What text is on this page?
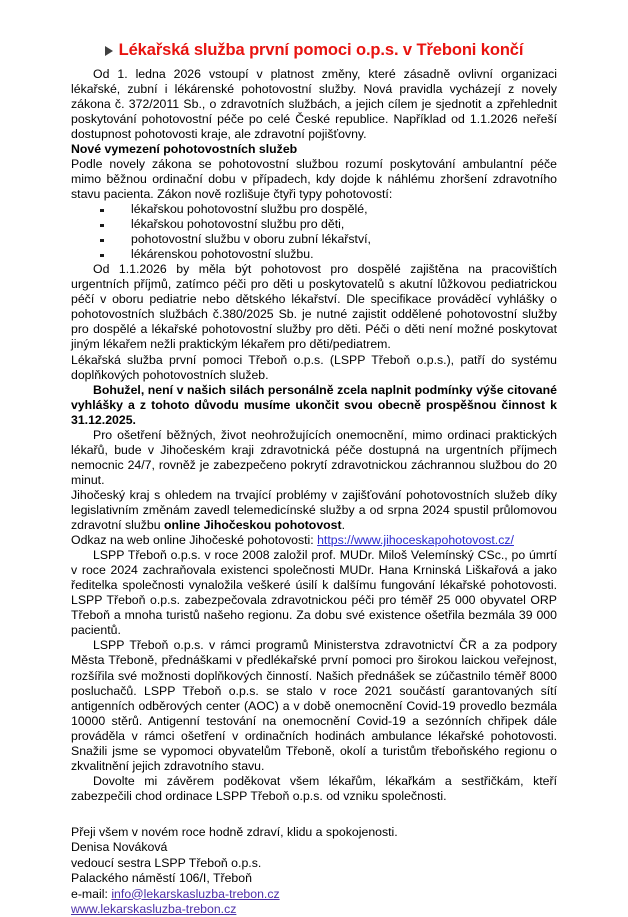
Lékařská služba první pomoci o.p.s. v Třeboni končí

Od 1. ledna 2026 vstoupí v platnost změny, které zásadně ovlivní organizaci lékařské, zubní i lékárenské pohotovostní služby. Nová pravidla vycházejí z novely zákona č. 372/2011 Sb., o zdravotních službách, a jejich cílem je sjednotit a zpřehlednit poskytování pohotovostní péče po celé České republice. Například od 1.1.2026 neřeší dostupnost pohotovosti kraje, ale zdravotní pojišťovny.

Nové vymezení pohotovostních služeb

Podle novely zákona se pohotovostní službou rozumí poskytování ambulantní péče mimo běžnou ordinační dobu v případech, kdy dojde k náhlému zhoršení zdravotního stavu pacienta. Zákon nově rozlišuje čtyři typy pohotovostí:

lékařskou pohotovostní službu pro dospělé,
lékařskou pohotovostní službu pro děti,
pohotovostní službu v oboru zubní lékařství,
lékárenskou pohotovostní službu.

Od 1.1.2026 by měla být pohotovost pro dospělé zajištěna na pracovištích urgentních příjmů, zatímco péči pro děti u poskytovatelů s akutní lůžkovou pediatrickou péčí v oboru pediatrie nebo dětského lékařství. Dle specifikace prováděcí vyhlášky o pohotovostních službách č.380/2025 Sb. je nutné zajistit oddělené pohotovostní služby pro dospělé a lékařské pohotovostní služby pro děti. Péči o děti není možné poskytovat jiným lékařem nežli praktickým lékařem pro děti/pediatrem.

Lékařská služba první pomoci Třeboň o.p.s. (LSPP Třeboň o.p.s.), patří do systému doplňkových pohotovostních služeb.

Bohužel, není v našich silách personálně zcela naplnit podmínky výše citované vyhlášky a z tohoto důvodu musíme ukončit svou obecně prospěšnou činnost k 31.12.2025.

Pro ošetření běžných, život neohrožujících onemocnění, mimo ordinaci praktických lékařů, bude v Jihočeském kraji zdravotnická péče dostupná na urgentních příjmech nemocnic 24/7, rovněž je zabezpečeno pokrytí zdravotnickou záchrannou službou do 20 minut.

Jihočeský kraj s ohledem na trvající problémy v zajišťování pohotovostních služeb díky legislativním změnám zavedl telemedicínské služby a od srpna 2024 spustil průlomovou zdravotní službu online Jihočeskou pohotovost.

Odkaz na web online Jihočeské pohotovosti: https://www.jihoceskapohotovost.cz/

LSPP Třeboň o.p.s. v roce 2008 založil prof. MUDr. Miloš Velemínský CSc., po úmrtí v roce 2024 zachraňovala existenci společnosti MUDr. Hana Krninská Liškařová a jako ředitelka společnosti vynaložila veškeré úsilí k dalšímu fungování lékařské pohotovosti. LSPP Třeboň o.p.s. zabezpečovala zdravotnickou péči pro téměř 25 000 obyvatel ORP Třeboň a mnoha turistů našeho regionu. Za dobu své existence ošetřila bezmála 39 000 pacientů.

LSPP Třeboň o.p.s. v rámci programů Ministerstva zdravotnictví ČR a za podpory Města Třeboně, přednáškami v předlékařské první pomoci pro širokou laickou veřejnost, rozšířila své možnosti doplňkových činností. Našich přednášek se zúčastnilo téměř 8000 posluchačů. LSPP Třeboň o.p.s. se stalo v roce 2021 součástí garantovaných sítí antigenních odběrových center (AOC) a v době onemocnění Covid-19 provedlo bezmála 10000 stěrů. Antigenní testování na onemocnění Covid-19 a sezónních chřipek dále prováděla v rámci ošetření v ordinačních hodinách ambulance lékařské pohotovosti. Snažili jsme se vypomoci obyvatelům Třeboně, okolí a turistům třeboňského regionu o zkvalitnění jejich zdravotního stavu.

Dovolte mi závěrem poděkovat všem lékařům, lékařkám a sestřičkám, kteří zabezpečili chod ordinace LSPP Třeboň o.p.s. od vzniku společnosti.

Přeji všem v novém roce hodně zdraví, klidu a spokojenosti.

Denisa Nováková

vedoucí sestra LSPP Třeboň o.p.s.

Palackého náměstí 106/I, Třeboň

e-mail: info@lekarskasluzba-trebon.cz

www.lekarskasluzba-trebon.cz
